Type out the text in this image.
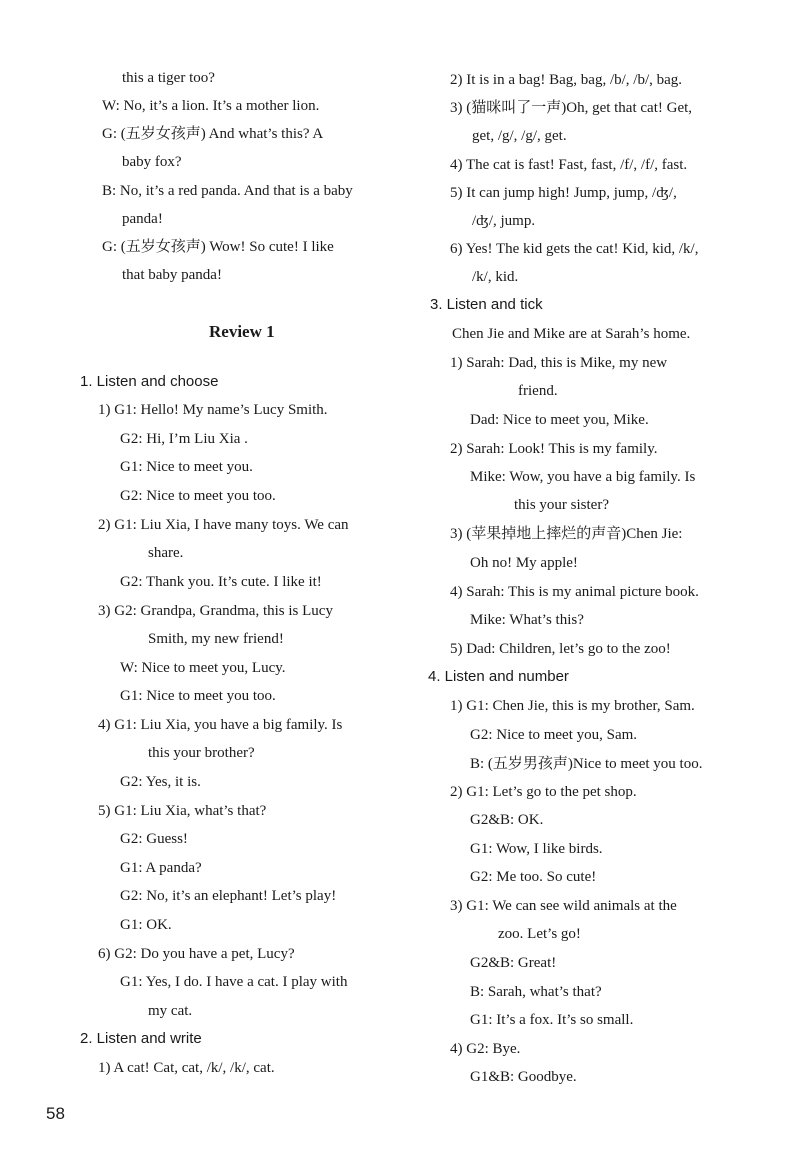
this a tiger too?
W: No, it’s a lion. It’s a mother lion.
G: (五岁女孩声) And what’s this? A
baby fox?
B: No, it’s a red panda. And that is a baby
panda!
G: (五岁女孩声) Wow! So cute! I like
that baby panda!
Review 1
1. Listen and choose
1) G1: Hello! My name’s Lucy Smith.
G2: Hi, I’m Liu Xia .
G1: Nice to meet you.
G2: Nice to meet you too.
2) G1: Liu Xia, I have many toys. We can
share.
G2: Thank you. It’s cute. I like it!
3) G2: Grandpa, Grandma, this is Lucy
Smith, my new friend!
W: Nice to meet you, Lucy.
G1: Nice to meet you too.
4) G1: Liu Xia, you have a big family. Is
this your brother?
G2: Yes, it is.
5) G1: Liu Xia, what’s that?
G2: Guess!
G1: A panda?
G2: No, it’s an elephant! Let’s play!
G1: OK.
6) G2: Do you have a pet, Lucy?
G1: Yes, I do. I have a cat. I play with
my cat.
2. Listen and write
1) A cat! Cat, cat, /k/, /k/, cat.
2) It is in a bag! Bag, bag, /b/, /b/, bag.
3) (猫咪叫了一声)Oh, get that cat! Get,
get, /g/, /g/, get.
4) The cat is fast! Fast, fast, /f/, /f/, fast.
5) It can jump high! Jump, jump, /ʤ/,
/ʤ/, jump.
6) Yes! The kid gets the cat! Kid, kid, /k/,
/k/, kid.
3. Listen and tick
Chen Jie and Mike are at Sarah’s home.
1) Sarah: Dad, this is Mike, my new
friend.
Dad: Nice to meet you, Mike.
2) Sarah: Look! This is my family.
Mike: Wow, you have a big family. Is
this your sister?
3) (苹果掉地上摔烂的声音)Chen Jie:
Oh no! My apple!
4) Sarah: This is my animal picture book.
Mike: What’s this?
5) Dad: Children, let’s go to the zoo!
4. Listen and number
1) G1: Chen Jie, this is my brother, Sam.
G2: Nice to meet you, Sam.
B: (五岁男孩声)Nice to meet you too.
2) G1: Let’s go to the pet shop.
G2&B: OK.
G1: Wow, I like birds.
G2: Me too. So cute!
3) G1: We can see wild animals at the
zoo. Let’s go!
G2&B: Great!
B: Sarah, what’s that?
G1: It’s a fox. It’s so small.
4) G2: Bye.
G1&B: Goodbye.
58
